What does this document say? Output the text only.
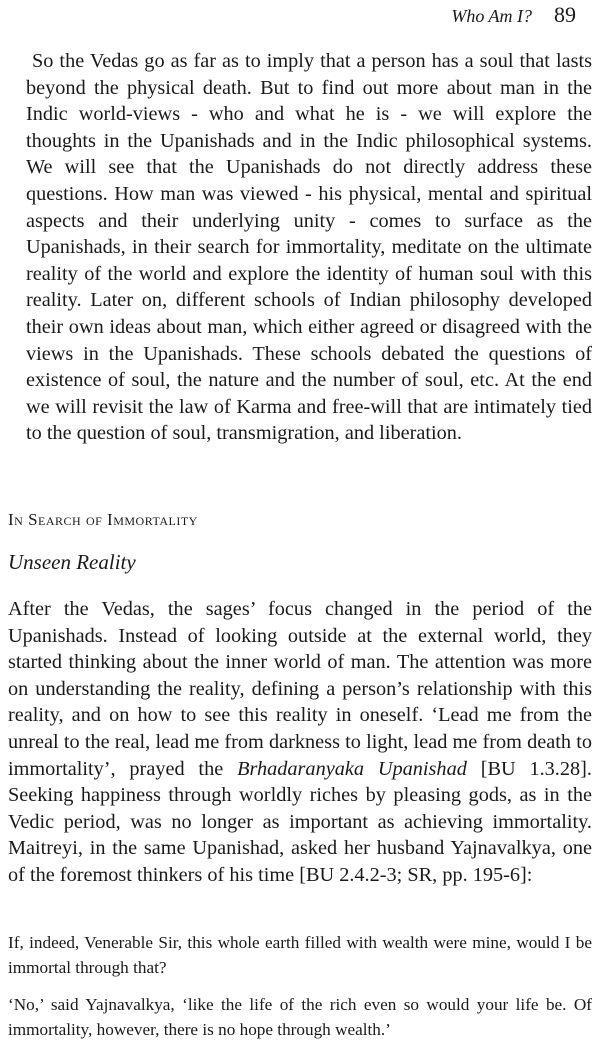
Who Am I? 89

So the Vedas go as far as to imply that a person has a soul that lasts beyond the physical death. But to find out more about man in the Indic world-views - who and what he is - we will explore the thoughts in the Upanishads and in the Indic philosophical systems. We will see that the Upanishads do not directly address these questions. How man was viewed - his physical, mental and spiritual aspects and their underlying unity - comes to surface as the Upanishads, in their search for immortality, meditate on the ultimate reality of the world and explore the identity of human soul with this reality. Later on, different schools of Indian philosophy developed their own ideas about man, which either agreed or disagreed with the views in the Upanishads. These schools debated the questions of existence of soul, the nature and the number of soul, etc. At the end we will revisit the law of Karma and free-will that are intimately tied to the question of soul, transmigration, and liberation.

In Search of Immortality
Unseen Reality

After the Vedas, the sages’ focus changed in the period of the Upanishads. Instead of looking outside at the external world, they started thinking about the inner world of man. The attention was more on understanding the reality, defining a person’s relationship with this reality, and on how to see this reality in oneself. ‘Lead me from the unreal to the real, lead me from darkness to light, lead me from death to immortality’, prayed the Brhadaranyaka Upanishad [BU 1.3.28]. Seeking happiness through worldly riches by pleasing gods, as in the Vedic period, was no longer as important as achieving immortality. Maitreyi, in the same Upanishad, asked her husband Yajnavalkya, one of the foremost thinkers of his time [BU 2.4.2-3; SR, pp. 195-6]:

If, indeed, Venerable Sir, this whole earth filled with wealth were mine, would I be immortal through that?

‘No,’ said Yajnavalkya, ‘like the life of the rich even so would your life be. Of immortality, however, there is no hope through wealth.’
